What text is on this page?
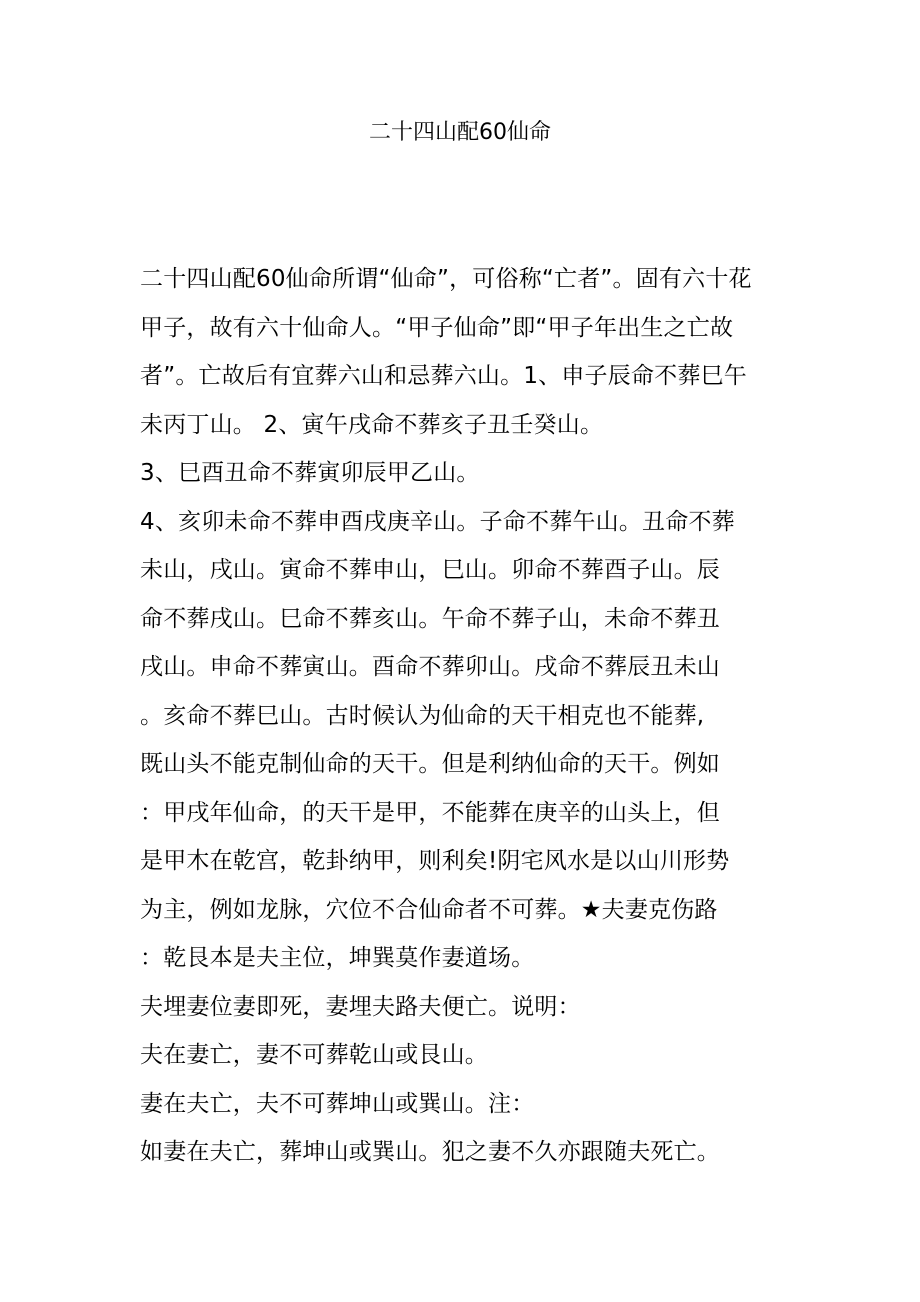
二十四山配60仙命
二十四山配60仙命所谓“仙命”，可俗称“亡者”。固有六十花
甲子，故有六十仙命人。“甲子仙命”即“甲子年出生之亡故
者”。亡故后有宜葬六山和忌葬六山。1、申子辰命不葬巳午
未丙丁山。 2、寅午戌命不葬亥子丑壬癸山。
3、巳酉丑命不葬寅卯辰甲乙山。
4、亥卯未命不葬申酉戌庚辛山。子命不葬午山。丑命不葬
未山，戌山。寅命不葬申山，巳山。卯命不葬酉子山。辰
命不葬戌山。巳命不葬亥山。午命不葬子山，未命不葬丑
戌山。申命不葬寅山。酉命不葬卯山。戌命不葬辰丑未山
。亥命不葬巳山。古时候认为仙命的天干相克也不能葬,
既山头不能克制仙命的天干。但是利纳仙命的天干。例如
：甲戌年仙命，的天干是甲，不能葬在庚辛的山头上，但
是甲木在乾宫，乾卦纳甲，则利矣!阴宅风水是以山川形势
为主，例如龙脉，穴位不合仙命者不可葬。★夫妻克伤路
：乾艮本是夫主位，坤巽莫作妻道场。
夫埋妻位妻即死，妻埋夫路夫便亡。说明：
夫在妻亡，妻不可葬乾山或艮山。
妻在夫亡，夫不可葬坤山或巽山。注：
如妻在夫亡，葬坤山或巽山。犯之妻不久亦跟随夫死亡。
